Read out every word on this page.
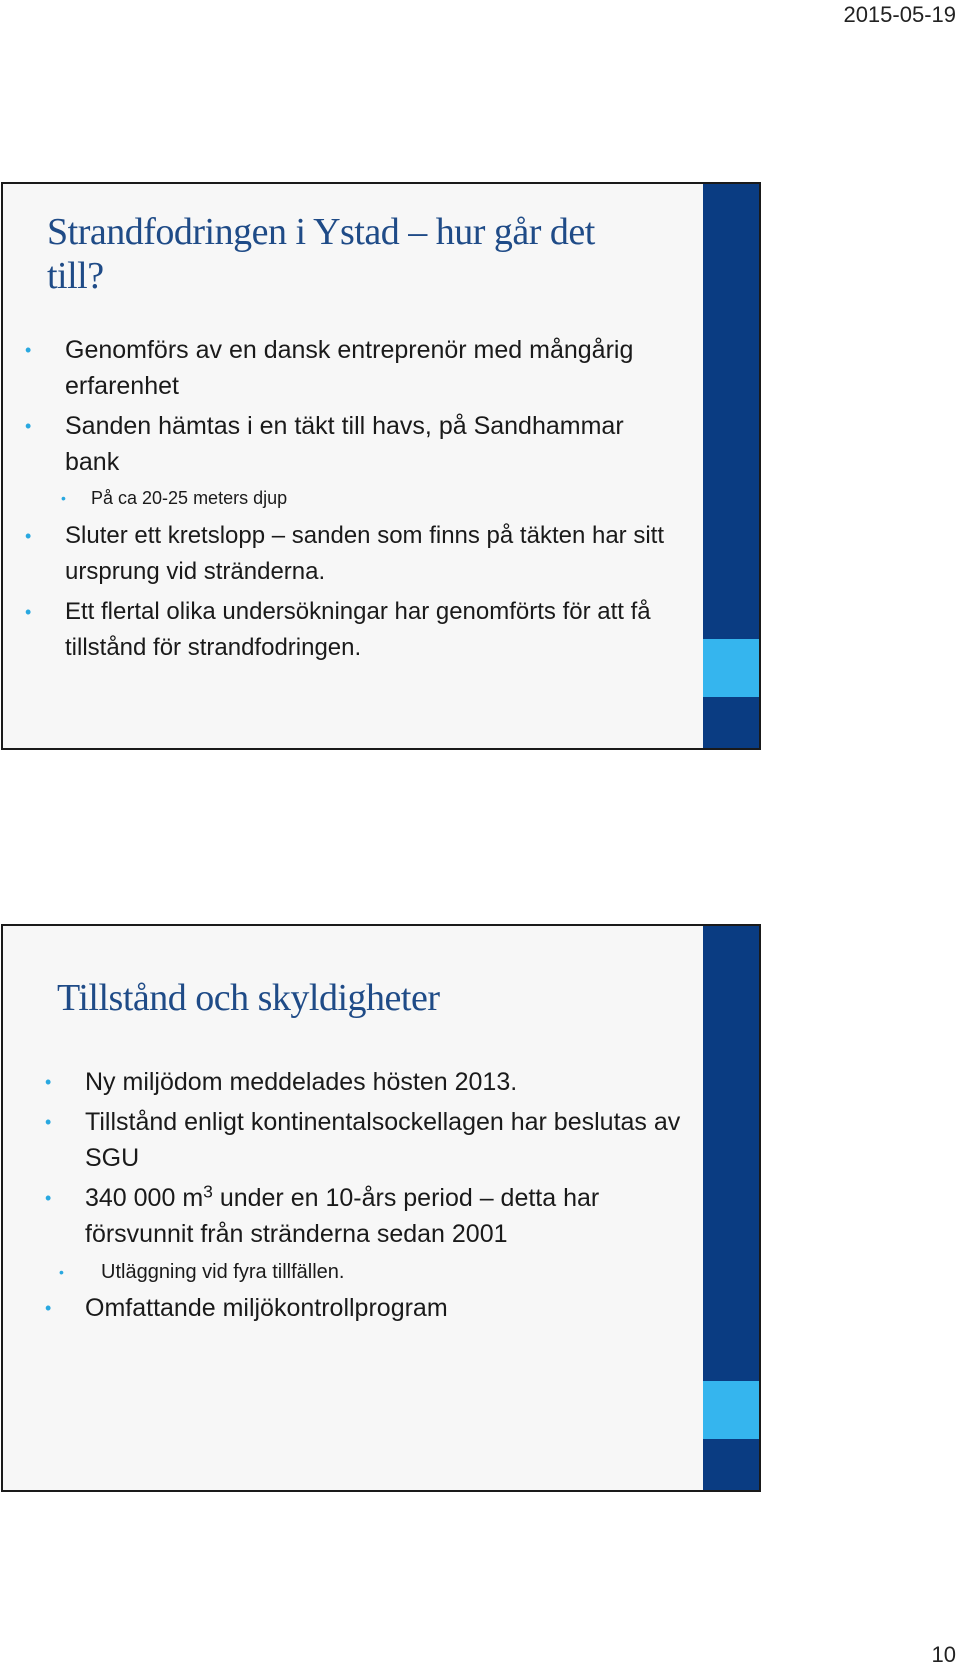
2015-05-19
Strandfodringen i Ystad – hur går det till?
• Genomförs av en dansk entreprenör med mångårig erfarenhet
• Sanden hämtas i en täkt till havs, på Sandhammar bank
• På ca 20-25 meters djup
• Sluter ett kretslopp – sanden som finns på täkten har sitt ursprung vid stränderna.
• Ett flertal olika undersökningar har genomförts för att få tillstånd för strandfodringen.
Tillstånd och skyldigheter
• Ny miljödom meddelades hösten 2013.
• Tillstånd enligt kontinentalsockellagen har beslutas av SGU
• 340 000 $m^3$ under en 10-års period – detta har försvunnit från stränderna sedan 2001
• Utläggning vid fyra tillfällen.
• Omfattande miljökontrollprogram
10
